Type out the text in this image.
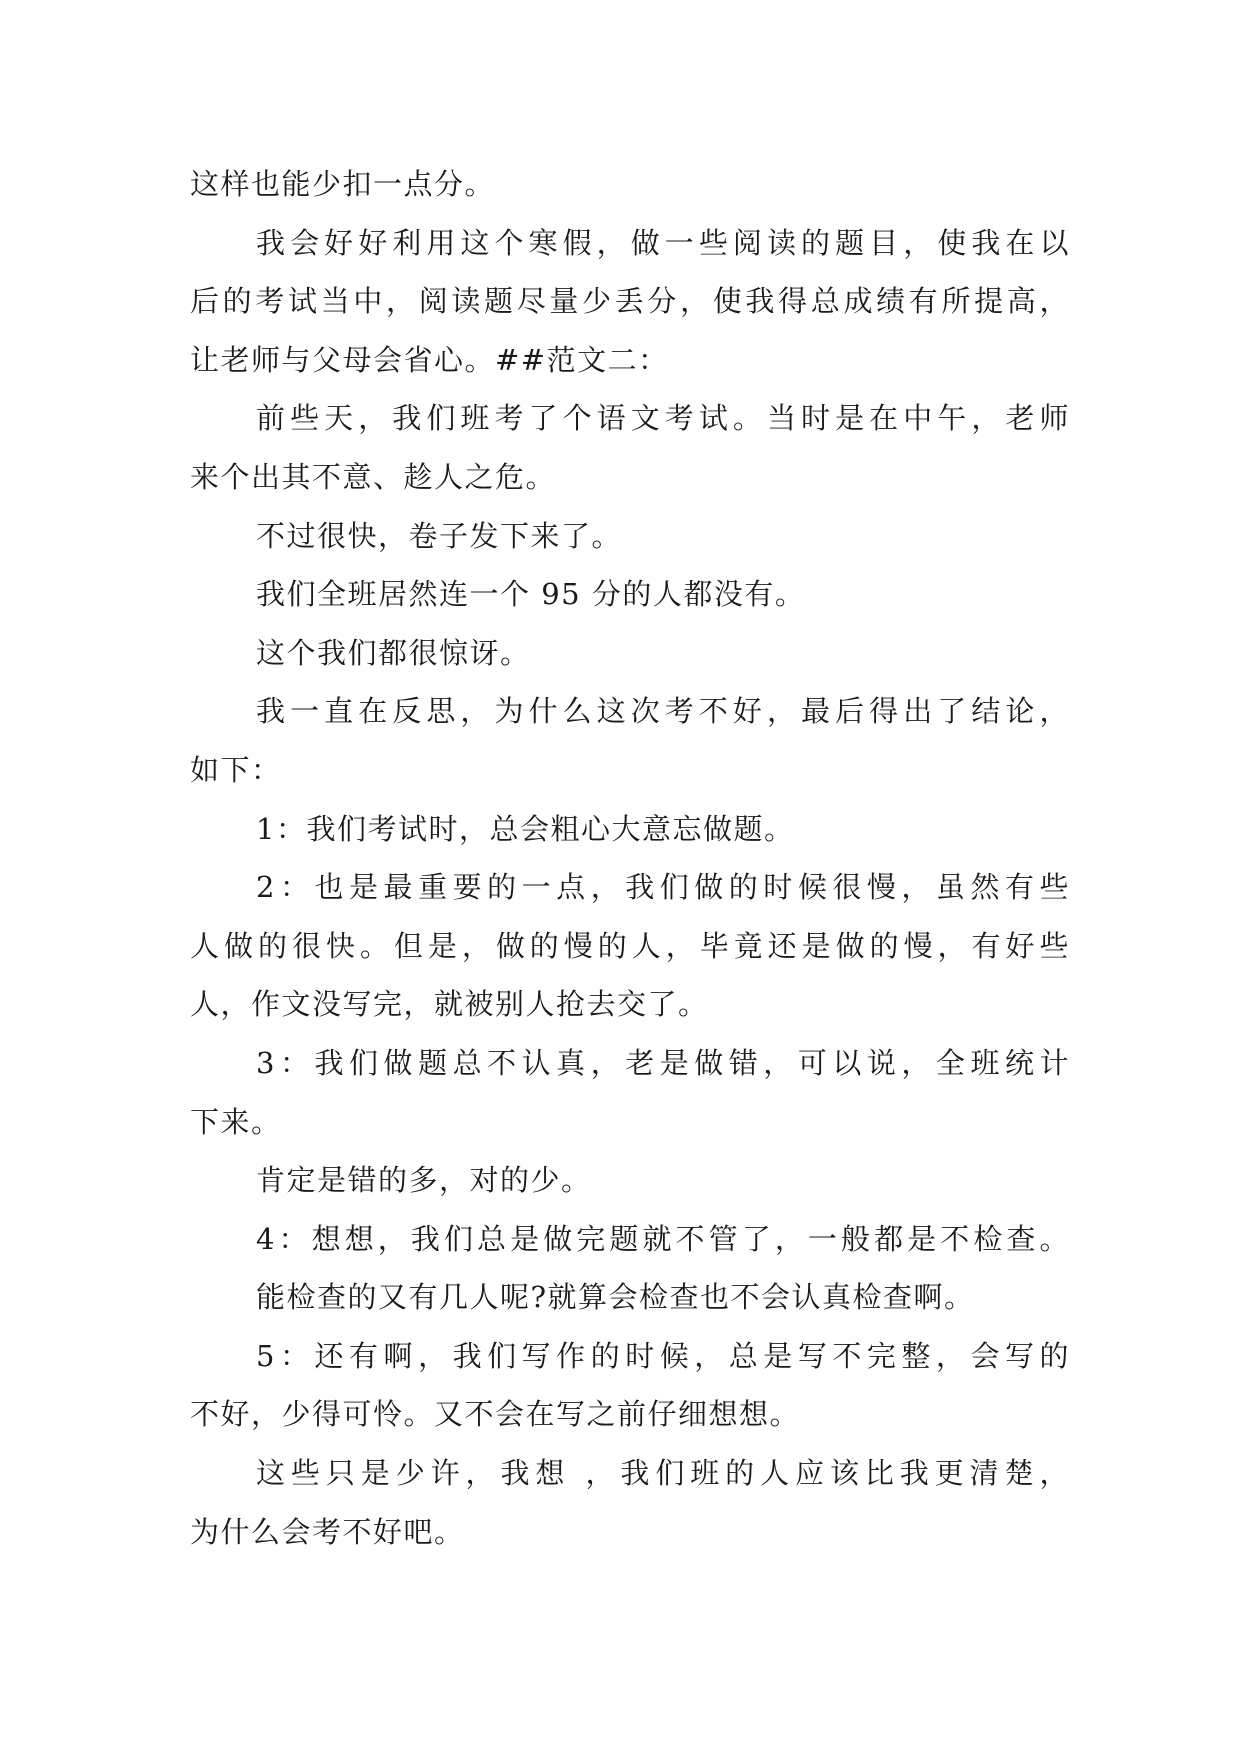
这样也能少扣一点分。
我会好好利用这个寒假，做一些阅读的题目，使我在以
后的考试当中，阅读题尽量少丢分，使我得总成绩有所提高，
让老师与父母会省心。##范文二：
前些天，我们班考了个语文考试。当时是在中午，老师
来个出其不意、趁人之危。
不过很快，卷子发下来了。
我们全班居然连一个 95 分的人都没有。
这个我们都很惊讶。
我一直在反思，为什么这次考不好，最后得出了结论，
如下：
1：我们考试时，总会粗心大意忘做题。
2：也是最重要的一点，我们做的时候很慢，虽然有些
人做的很快。但是，做的慢的人，毕竟还是做的慢，有好些
人，作文没写完，就被别人抢去交了。
3：我们做题总不认真，老是做错，可以说，全班统计
下来。
肯定是错的多，对的少。
4：想想，我们总是做完题就不管了，一般都是不检查。
能检查的又有几人呢?就算会检查也不会认真检查啊。
5：还有啊，我们写作的时候，总是写不完整，会写的
不好，少得可怜。又不会在写之前仔细想想。
这些只是少许，我想 ，我们班的人应该比我更清楚，
为什么会考不好吧。
